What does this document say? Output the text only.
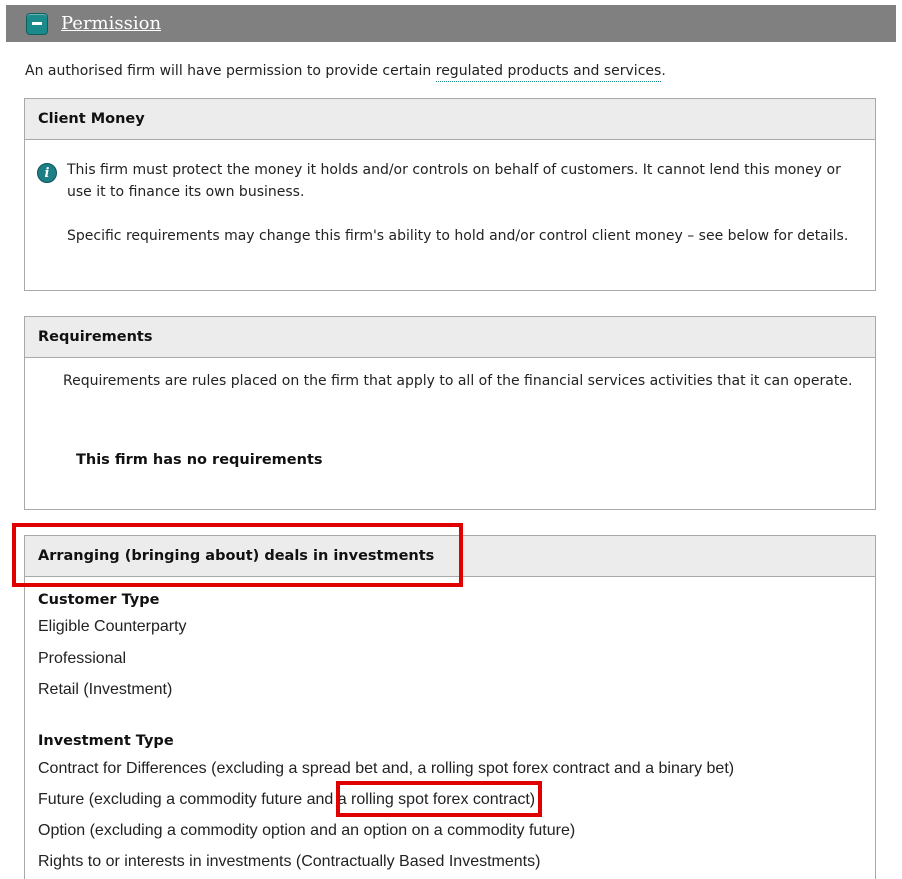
Permission
An authorised firm will have permission to provide certain regulated products and services.
Client Money
i	This firm must protect the money it holds and/or controls on behalf of customers. It cannot lend this money or use it to finance its own business.
Specific requirements may change this firm's ability to hold and/or control client money – see below for details.
Requirements
Requirements are rules placed on the firm that apply to all of the financial services activities that it can operate.
This firm has no requirements
Arranging (bringing about) deals in investments
Customer Type
Eligible Counterparty
Professional
Retail (Investment)
Investment Type
Contract for Differences (excluding a spread bet and, a rolling spot forex contract and a binary bet)
Future (excluding a commodity future and a rolling spot forex contract)
Option (excluding a commodity option and an option on a commodity future)
Rights to or interests in investments (Contractually Based Investments)
